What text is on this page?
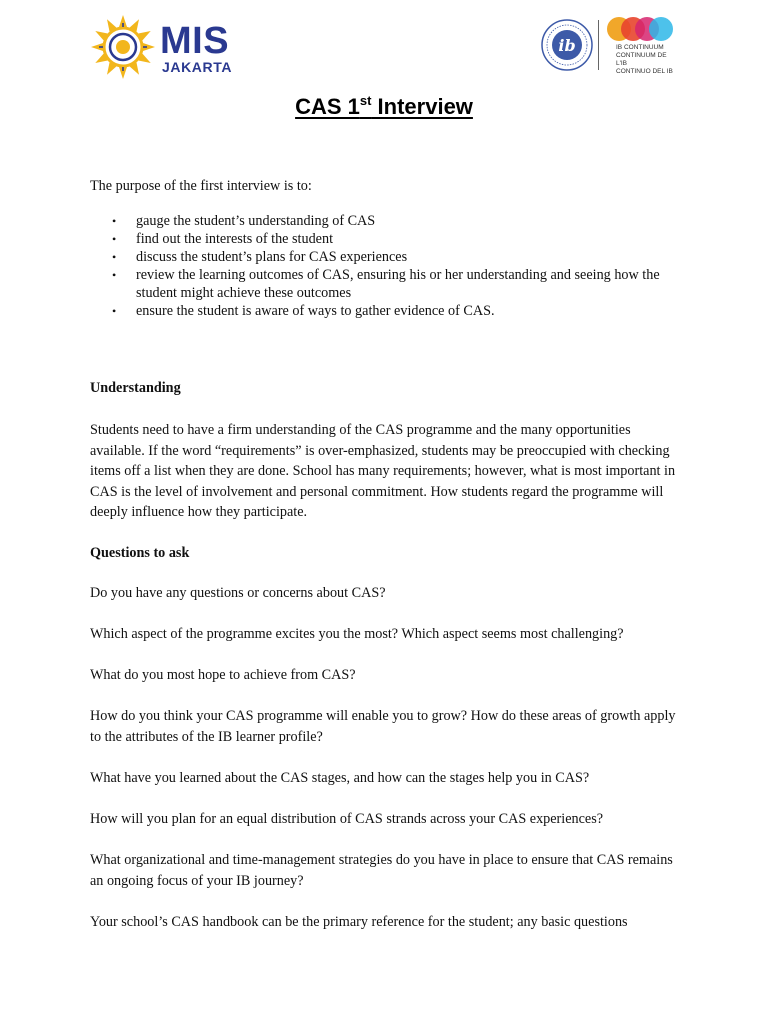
MIS
JAKARTA
ib	IB CONTINUUM
CONTINUUM DE L'IB
CONTINUO DEL IB
CAS 1st Interview
The purpose of the first interview is to:
• gauge the student’s understanding of CAS
• find out the interests of the student
• discuss the student’s plans for CAS experiences
• review the learning outcomes of CAS, ensuring his or her understanding and seeing how the student might achieve these outcomes
• ensure the student is aware of ways to gather evidence of CAS.
Understanding

Students need to have a firm understanding of the CAS programme and the many opportunities available. If the word “requirements” is over-emphasized, students may be preoccupied with checking items off a list when they are done. School has many requirements; however, what is most important in CAS is the level of involvement and personal commitment. How students regard the programme will deeply influence how they participate.

Questions to ask

Do you have any questions or concerns about CAS?

Which aspect of the programme excites you the most? Which aspect seems most challenging?

What do you most hope to achieve from CAS?

How do you think your CAS programme will enable you to grow? How do these areas of growth apply to the attributes of the IB learner profile?

What have you learned about the CAS stages, and how can the stages help you in CAS?

How will you plan for an equal distribution of CAS strands across your CAS experiences?

What organizational and time-management strategies do you have in place to ensure that CAS remains an ongoing focus of your IB journey?

Your school’s CAS handbook can be the primary reference for the student; any basic questions
